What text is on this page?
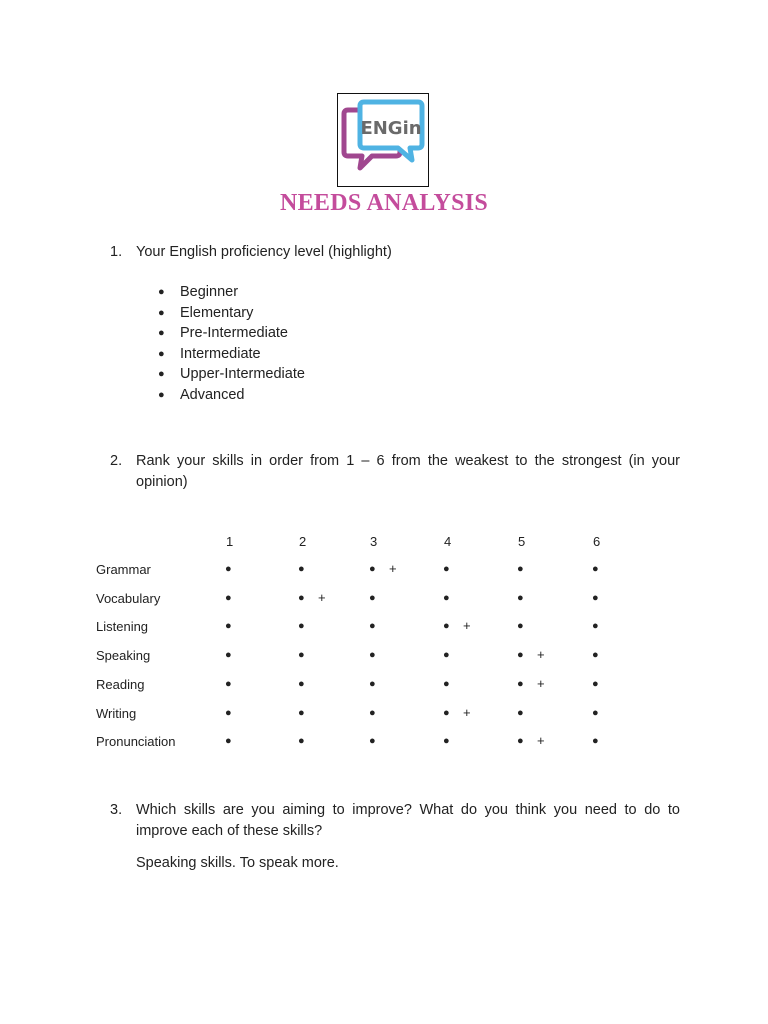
ENGin
NEEDS ANALYSIS
1. Your English proficiency level (highlight)
● Beginner
● Elementary
● Pre-Intermediate
● Intermediate
● Upper-Intermediate
● Advanced
2. Rank your skills in order from 1 – 6 from the weakest to the strongest (in your opinion)
1	2	3	4	5	6
Grammar	●	●	● +	●	●	●
Vocabulary	●	● +	●	●	●	●
Listening	●	●	●	● +	●	●
Speaking	●	●	●	●	● +	●
Reading	●	●	●	●	● +	●
Writing	●	●	●	● +	●	●
Pronunciation	●	●	●	●	● +	●
3. Which skills are you aiming to improve? What do you think you need to do to improve each of these skills?
Speaking skills. To speak more.
